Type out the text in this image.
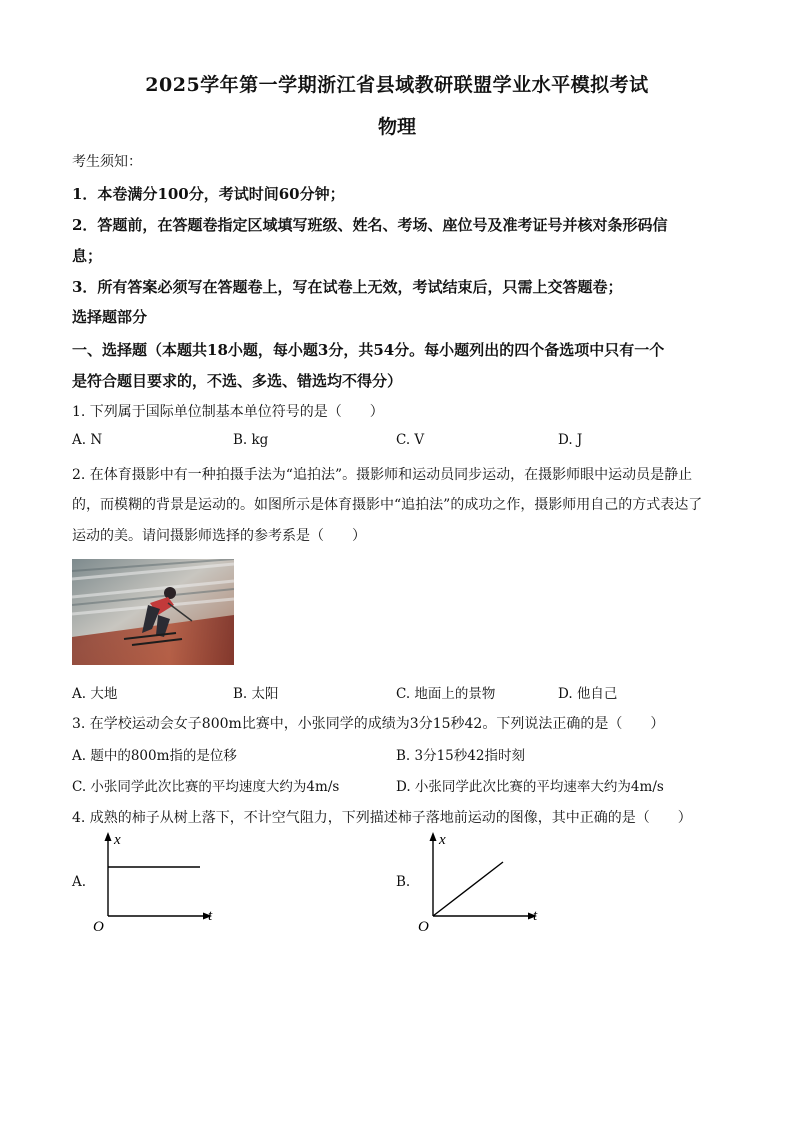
2025学年第一学期浙江省县域教研联盟学业水平模拟考试
物理
考生须知：
1．本卷满分100分，考试时间60分钟；
2．答题前，在答题卷指定区域填写班级、姓名、考场、座位号及准考证号并核对条形码信
息；
3．所有答案必须写在答题卷上，写在试卷上无效，考试结束后，只需上交答题卷；
选择题部分
一、选择题（本题共18小题，每小题3分，共54分。每小题列出的四个备选项中只有一个
是符合题目要求的，不选、多选、错选均不得分）
1. 下列属于国际单位制基本单位符号的是（　　）
A. N	B. kg	C. V	D. J
2. 在体育摄影中有一种拍摄手法为“追拍法”。摄影师和运动员同步运动，在摄影师眼中运动员是静止
的，而模糊的背景是运动的。如图所示是体育摄影中“追拍法”的成功之作，摄影师用自己的方式表达了
运动的美。请问摄影师选择的参考系是（　　）
A. 大地	B. 太阳	C. 地面上的景物	D. 他自己
3. 在学校运动会女子800m比赛中，小张同学的成绩为3分15秒42。下列说法正确的是（　　）
A. 题中的800m指的是位移	B. 3分15秒42指时刻
C. 小张同学此次比赛的平均速度大约为4m/s	D. 小张同学此次比赛的平均速率大约为4m/s
4. 成熟的柿子从树上落下，不计空气阻力，下列描述柿子落地前运动的图像，其中正确的是（　　）
A.
x
t
O
B.
x
t
O
